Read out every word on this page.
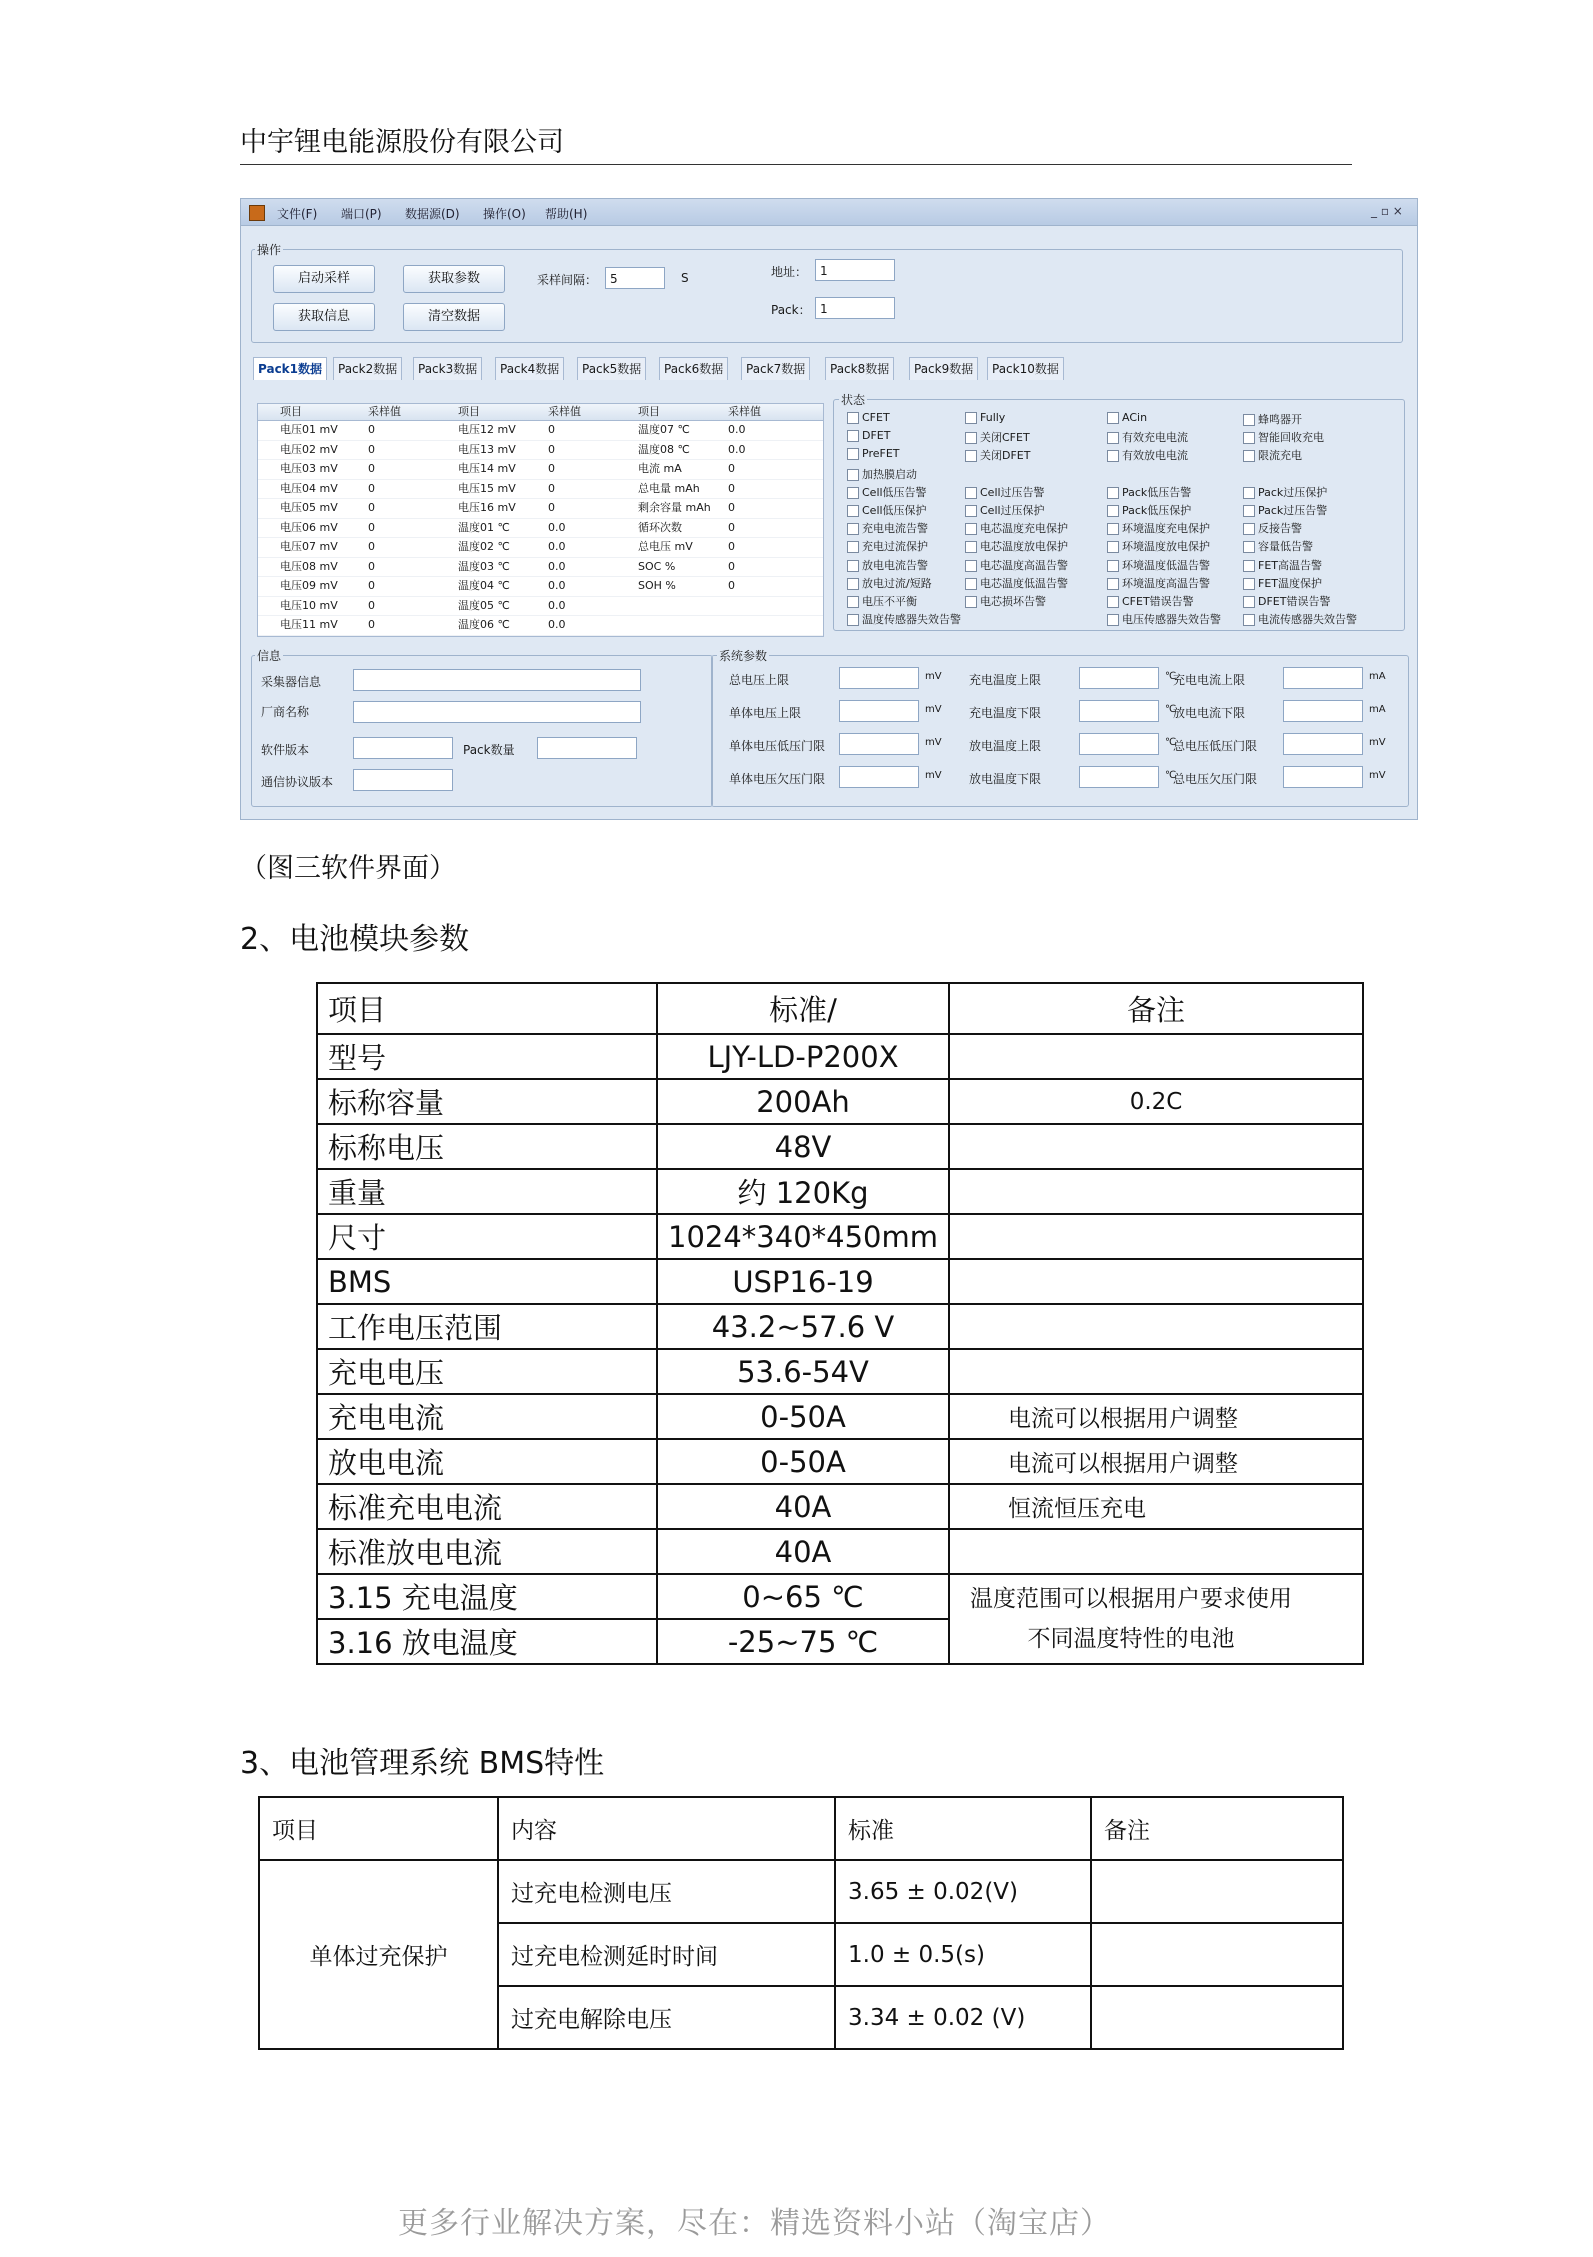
中宇锂电能源股份有限公司
文件(F) 端口(P) 数据源(D) 操作(O) 帮助(H)	_ ▫ ×
操作
启动采样	获取参数
获取信息	清空数据
采样间隔：	5	S	地址：	1
Pack： 1
Pack1数据	Pack2数据	Pack3数据	Pack4数据	Pack5数据	Pack6数据	Pack7数据	Pack8数据	Pack9数据	Pack10数据
项目	采样值	项目	采样值	项目	采样值
电压01 mV	0	电压12 mV	0	温度07 ℃	0.0
电压02 mV	0	电压13 mV	0	温度08 ℃	0.0
电压03 mV	0	电压14 mV	0	电流 mA	0
电压04 mV	0	电压15 mV	0	总电量 mAh	0
电压05 mV	0	电压16 mV	0	剩余容量 mAh 0
电压06 mV	0	温度01 ℃	0.0	循环次数	0
电压07 mV	0	温度02 ℃	0.0	总电压 mV	0
电压08 mV	0	温度03 ℃	0.0	SOC %	0
电压09 mV	0	温度04 ℃	0.0	SOH %	0
电压10 mV	0	温度05 ℃	0.0
电压11 mV	0	温度06 ℃	0.0
状态
CFET
DFET
PreFET
加热膜启动
Cell低压告警
Cell低压保护
充电电流告警
充电过流保护
放电电流告警
放电过流/短路
电压不平衡
温度传感器失效告警
Fully
关闭CFET
关闭DFET
Cell过压告警
Cell过压保护
电芯温度充电保护
电芯温度放电保护
电芯温度高温告警
电芯温度低温告警
电芯损坏告警
ACin
有效充电电流
有效放电电流
Pack低压告警
Pack低压保护
环境温度充电保护
环境温度放电保护
环境温度低温告警
环境温度高温告警
CFET错误告警
电压传感器失效告警
蜂鸣器开
智能回收充电
限流充电
Pack过压保护
Pack过压告警
反接告警
容量低告警
FET高温告警
FET温度保护
DFET错误告警
电流传感器失效告警
信息
采集器信息
厂商名称
软件版本	Pack数量
通信协议版本
系统参数
总电压上限	mV
单体电压上限	mV
单体电压低压门限	mV
单体电压欠压门限	mV
充电温度上限	℃
充电温度下限	℃
放电温度上限	℃
放电温度下限	℃
充电电流上限	mA
放电电流下限	mA
总电压低压门限	mV
总电压欠压门限	mV
（图三软件界面）
2、电池模块参数
项目	标准/	备注
型号	LJY-LD-P200X	
标称容量	200Ah	0.2C
标称电压	48V	
重量	约 120Kg	
尺寸	1024*340*450mm	
BMS	USP16-19	
工作电压范围	43.2~57.6 V	
充电电压	53.6-54V	
充电电流	0-50A	电流可以根据用户调整
放电电流	0-50A	电流可以根据用户调整
标准充电电流	40A	恒流恒压充电
标准放电电流	40A	
3.15 充电温度	0~65 ℃	温度范围可以根据用户要求使用不同温度特性的电池

3.16 放电温度	-25~75 ℃	
3、电池管理系统 BMS特性
项目	内容	标准	备注
单体过充保护	过充电检测电压	3.65 ± 0.02(V)	
	过充电检测延时时间	1.0 ± 0.5(s)	
	过充电解除电压	3.34 ± 0.02 (V)	
更多行业解决方案，尽在：精选资料小站（淘宝店）
